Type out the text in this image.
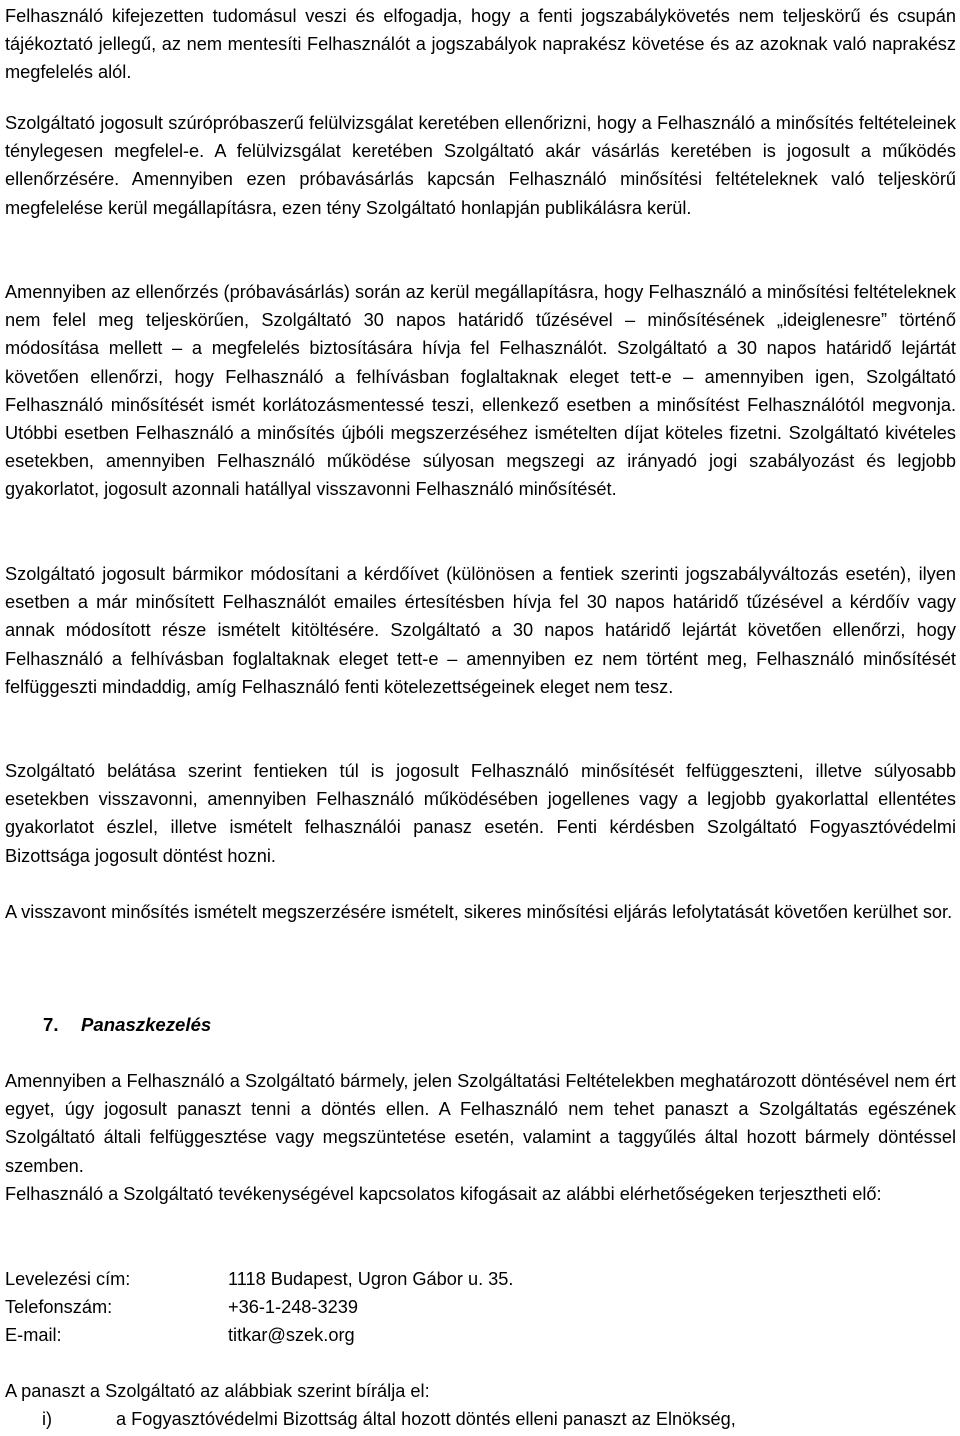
Felhasználó kifejezetten tudomásul veszi és elfogadja, hogy a fenti jogszabálykövetés nem teljeskörű és csupán tájékoztató jellegű, az nem mentesíti Felhasználót a jogszabályok naprakész követése és az azoknak való naprakész megfelelés alól.

Szolgáltató jogosult szúrópróbaszerű felülvizsgálat keretében ellenőrizni, hogy a Felhasználó a minősítés feltételeinek ténylegesen megfelel-e. A felülvizsgálat keretében Szolgáltató akár vásárlás keretében is jogosult a működés ellenőrzésére. Amennyiben ezen próbavásárlás kapcsán Felhasználó minősítési feltételeknek való teljeskörű megfelelése kerül megállapításra, ezen tény Szolgáltató honlapján publikálásra kerül.

Amennyiben az ellenőrzés (próbavásárlás) során az kerül megállapításra, hogy Felhasználó a minősítési feltételeknek nem felel meg teljeskörűen, Szolgáltató 30 napos határidő tűzésével – minősítésének „ideiglenesre” történő módosítása mellett – a megfelelés biztosítására hívja fel Felhasználót. Szolgáltató a 30 napos határidő lejártát követően ellenőrzi, hogy Felhasználó a felhívásban foglaltaknak eleget tett-e – amennyiben igen, Szolgáltató Felhasználó minősítését ismét korlátozásmentessé teszi, ellenkező esetben a minősítést Felhasználótól megvonja. Utóbbi esetben Felhasználó a minősítés újbóli megszerzéséhez ismételten díjat köteles fizetni. Szolgáltató kivételes esetekben, amennyiben Felhasználó működése súlyosan megszegi az irányadó jogi szabályozást és legjobb gyakorlatot, jogosult azonnali hatállyal visszavonni Felhasználó minősítését.

Szolgáltató jogosult bármikor módosítani a kérdőívet (különösen a fentiek szerinti jogszabályváltozás esetén), ilyen esetben a már minősített Felhasználót emailes értesítésben hívja fel 30 napos határidő tűzésével a kérdőív vagy annak módosított része ismételt kitöltésére. Szolgáltató a 30 napos határidő lejártát követően ellenőrzi, hogy Felhasználó a felhívásban foglaltaknak eleget tett-e – amennyiben ez nem történt meg, Felhasználó minősítését felfüggeszti mindaddig, amíg Felhasználó fenti kötelezettségeinek eleget nem tesz.

Szolgáltató belátása szerint fentieken túl is jogosult Felhasználó minősítését felfüggeszteni, illetve súlyosabb esetekben visszavonni, amennyiben Felhasználó működésében jogellenes vagy a legjobb gyakorlattal ellentétes gyakorlatot észlel, illetve ismételt felhasználói panasz esetén. Fenti kérdésben Szolgáltató Fogyasztóvédelmi Bizottsága jogosult döntést hozni.

A visszavont minősítés ismételt megszerzésére ismételt, sikeres minősítési eljárás lefolytatását követően kerülhet sor.

7. Panaszkezelés

Amennyiben a Felhasználó a Szolgáltató bármely, jelen Szolgáltatási Feltételekben meghatározott döntésével nem ért egyet, úgy jogosult panaszt tenni a döntés ellen. A Felhasználó nem tehet panaszt a Szolgáltatás egészének Szolgáltató általi felfüggesztése vagy megszüntetése esetén, valamint a taggyűlés által hozott bármely döntéssel szemben.

Felhasználó a Szolgáltató tevékenységével kapcsolatos kifogásait az alábbi elérhetőségeken terjesztheti elő:

Levelezési cím:	1118 Budapest, Ugron Gábor u. 35.
Telefonszám:	+36-1-248-3239
E-mail:	titkar@szek.org
A panaszt a Szolgáltató az alábbiak szerint bírálja el:
i)	a Fogyasztóvédelmi Bizottság által hozott döntés elleni panaszt az Elnökség,
